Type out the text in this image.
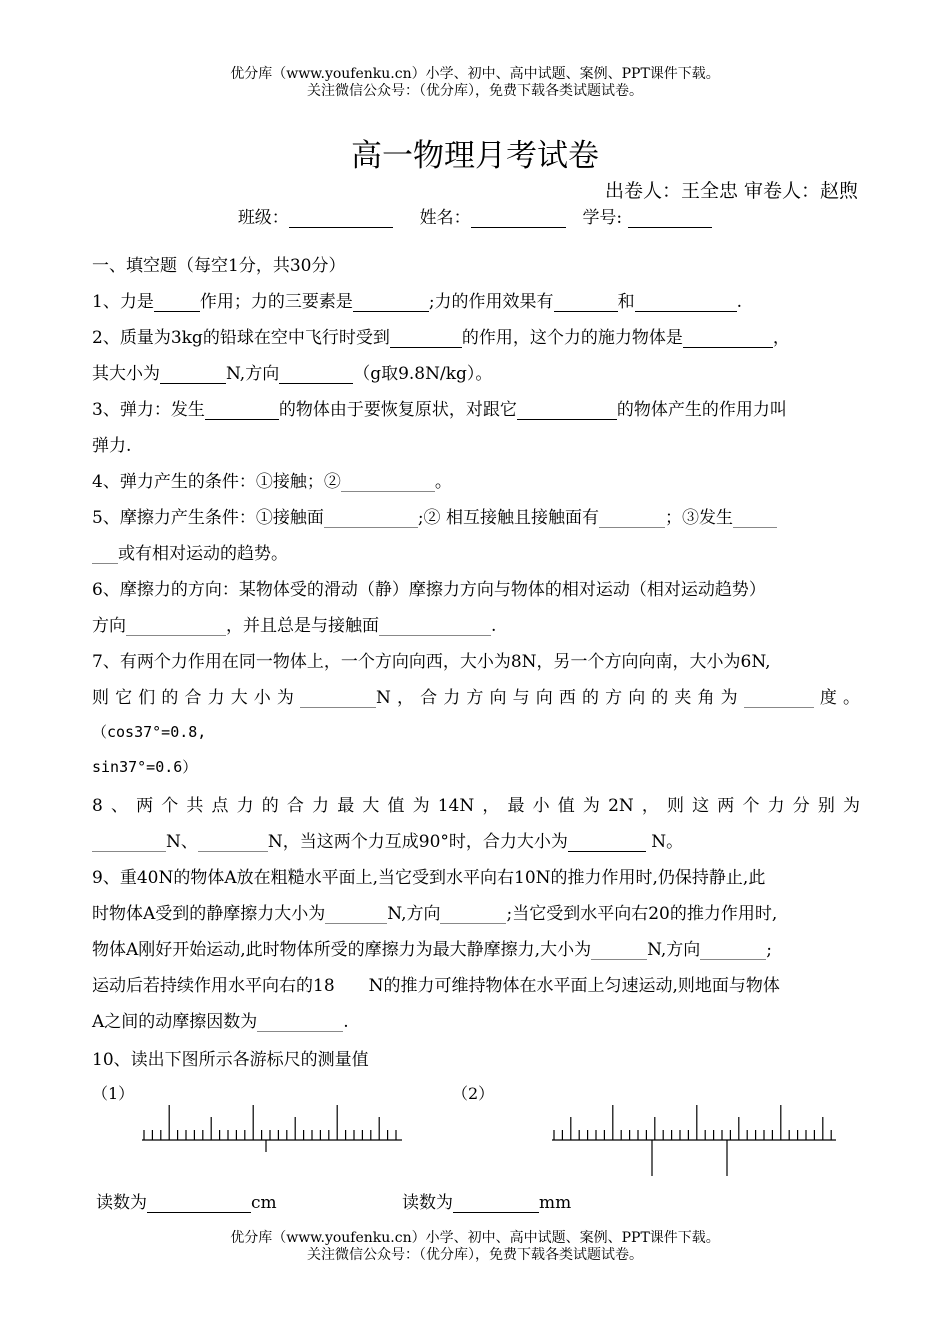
优分库（www.youfenku.cn）小学、初中、高中试题、案例、PPT课件下载。
关注微信公众号：（优分库），免费下载各类试题试卷。
高一物理月考试卷
出卷人：王全忠 审卷人：赵煦
班级：	姓名：	学号:
一、填空题（每空1分，共30分）
1、力是	作用；力的三要素是	;力的作用效果有	和	.
2、质量为3kg的铅球在空中飞行时受到	的作用，这个力的施力物体是	，
其大小为	N,方向	（g取9.8N/kg）。
3、弹力：发生	的物体由于要恢复原状，对跟它	的物体产生的作用力叫
弹力.
4、弹力产生的条件：①接触；②	。
5、摩擦力产生条件：①接触面	;② 相互接触且接触面有	；③发生
或有相对运动的趋势。
6、摩擦力的方向：某物体受的滑动（静）摩擦力方向与物体的相对运动（相对运动趋势）
方向	，并且总是与接触面	.
7、有两个力作用在同一物体上，一个方向向西，大小为8N，另一个方向向南，大小为6N,
则它们的合力大小为	N，合力方向与向西的方向的夹角为	度。
（cos37°=0.8,
sin37°=0.6）
8、两个共点力的合力最大值为14N，最小值为2N，则这两个力分别为
N、	N，当这两个力互成90°时，合力大小为	N。
9、重40N的物体A放在粗糙水平面上,当它受到水平向右10N的推力作用时,仍保持静止,此
时物体A受到的静摩擦力大小为	N,方向	;当它受到水平向右20的推力作用时,
物体A刚好开始运动,此时物体所受的摩擦力为最大静摩擦力,大小为	N,方向	;
运动后若持续作用水平向右的18　　N的推力可维持物体在水平面上匀速运动,则地面与物体
A之间的动摩擦因数为	.
10、读出下图所示各游标尺的测量值
（1）	（2）
读数为	cm	读数为	mm
优分库（www.youfenku.cn）小学、初中、高中试题、案例、PPT课件下载。
关注微信公众号：（优分库），免费下载各类试题试卷。
